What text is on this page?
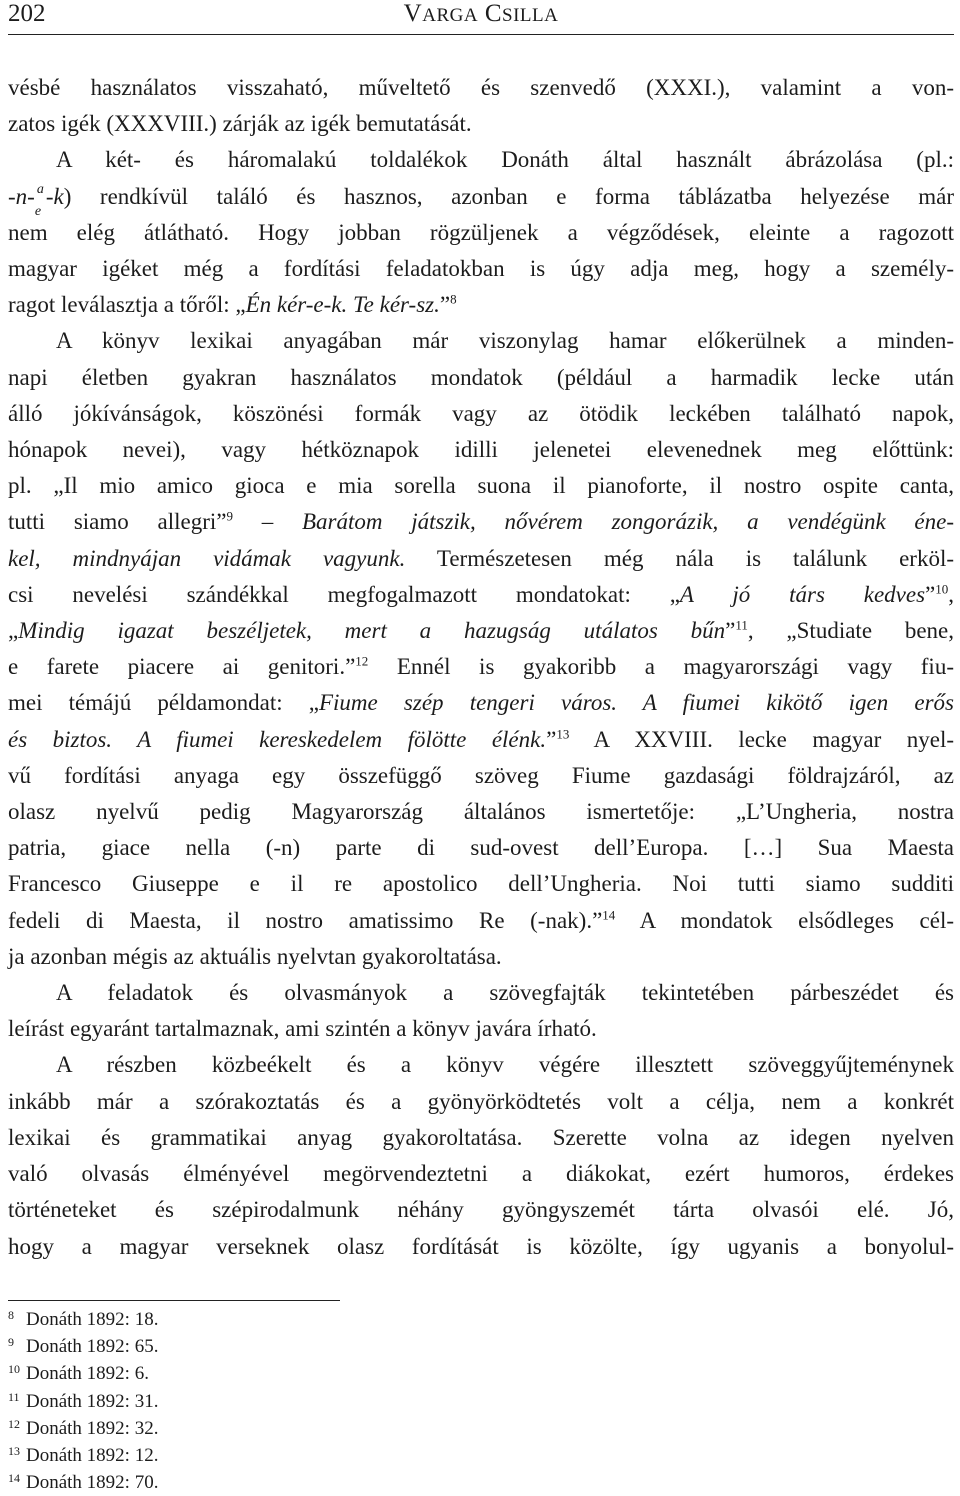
202	VARGA CSILLA
vésbé használatos visszaható, műveltető és szenvedő (XXXI.), valamint a von-
zatos igék (XXXVIII.) zárják az igék bemutatását.
A két- és háromalakú toldalékok Donáth által használt ábrázolása (pl.:
-n- a
e
-k) rendkívül találó és hasznos, azonban e forma táblázatba helyezése már
nem elég átlátható. Hogy jobban rögzüljenek a végződések, eleinte a ragozott
magyar igéket még a fordítási feladatokban is úgy adja meg, hogy a személy-
ragot leválasztja a tőről: „Én kér-e-k. Te kér-sz.”$^8$
A könyv lexikai anyagában már viszonylag hamar előkerülnek a minden-
napi életben gyakran használatos mondatok (például a harmadik lecke után
álló jókívánságok, köszönési formák vagy az ötödik leckében található napok,
hónapok nevei), vagy hétköznapok idilli jelenetei elevenednek meg előttünk:
pl. „Il mio amico gioca e mia sorella suona il pianoforte, il nostro ospite canta,
tutti siamo allegri”$^9$ – Barátom játszik, nővérem zongorázik, a vendégünk éne-
kel, mindnyájan vidámak vagyunk. Természetesen még nála is találunk erköl-
csi nevelési szándékkal megfogalmazott mondatokat: „A jó társ kedves”$^{10}$,
„Mindig igazat beszéljetek, mert a hazugság utálatos bűn”$^{11}$, „Studiate bene,
e farete piacere ai genitori.”$^{12}$ Ennél is gyakoribb a magyarországi vagy fiu-
mei témájú példamondat: „Fiume szép tengeri város. A fiumei kikötő igen erős
és biztos. A fiumei kereskedelem fölötte élénk.”$^{13}$ A XXVIII. lecke magyar nyel-
vű fordítási anyaga egy összefüggő szöveg Fiume gazdasági földrajzáról, az
olasz nyelvű pedig Magyarország általános ismertetője: „L’Ungheria, nostra
patria, giace nella (-n) parte di sud-ovest dell’Europa. […] Sua Maesta
Francesco Giuseppe e il re apostolico dell’Ungheria. Noi tutti siamo sudditi
fedeli di Maesta, il nostro amatissimo Re (-nak).”$^{14}$ A mondatok elsődleges cél-
ja azonban mégis az aktuális nyelvtan gyakoroltatása.
A feladatok és olvasmányok a szövegfajták tekintetében párbeszédet és
leírást egyaránt tartalmaznak, ami szintén a könyv javára írható.
A részben közbeékelt és a könyv végére illesztett szöveggyűjteménynek
inkább már a szórakoztatás és a gyönyörködtetés volt a célja, nem a konkrét
lexikai és grammatikai anyag gyakoroltatása. Szerette volna az idegen nyelven
való olvasás élményével megörvendeztetni a diákokat, ezért humoros, érdekes
történeteket és szépirodalmunk néhány gyöngyszemét tárta olvasói elé. Jó,
hogy a magyar verseknek olasz fordítását is közölte, így ugyanis a bonyolul-
8 Donáth 1892: 18.
9 Donáth 1892: 65.
10 Donáth 1892: 6.
11 Donáth 1892: 31.
12 Donáth 1892: 32.
13 Donáth 1892: 12.
14 Donáth 1892: 70.
